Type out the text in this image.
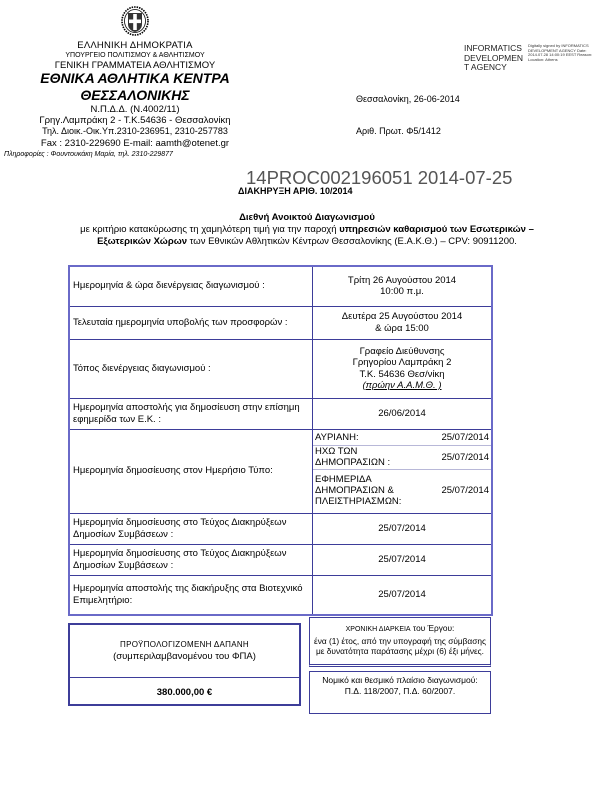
ΕΛΛΗΝΙΚΗ ΔΗΜΟΚΡΑΤΙΑ
ΥΠΟΥΡΓΕΙΟ ΠΟΛΙΤΙΣΜΟΥ & ΑΘΛΗΤΙΣΜΟΥ
ΓΕΝΙΚΗ ΓΡΑΜΜΑΤΕΙΑ ΑΘΛΗΤΙΣΜΟΥ
ΕΘΝΙΚΑ ΑΘΛΗΤΙΚΑ ΚΕΝΤΡΑ
ΘΕΣΣΑΛΟΝΙΚΗΣ
Ν.Π.Δ.Δ. (Ν.4002/11)
Γρηγ.Λαμπράκη 2 - Τ.Κ.54636 - Θεσσαλονίκη
Τηλ. Διοικ.-Οικ.Υπ.2310-236951, 2310-257783
Fax : 2310-229690 E-mail: aamth@otenet.gr
Πληροφορίες : Φουντουκάκη Μαρία, τηλ. 2310-229877
INFORMATICS DEVELOPMEN T AGENCY
Digitally signed by INFORMATICS DEVELOPMENT AGENCY Date: 2014.07.28 14:00:19 EEST Reason: Location: Athens
Θεσσαλονίκη, 26-06-2014
Αριθ. Πρωτ. Φ5/1412
14PROC002196051 2014-07-25
ΔΙΑΚΗΡΥΞΗ ΑΡΙΘ. 10/2014
Διεθνή Ανοικτού Διαγωνισμού
με κριτήριο κατακύρωσης τη χαμηλότερη τιμή για την παροχή υπηρεσιών καθαρισμού των Εσωτερικών – Εξωτερικών Χώρων των Εθνικών Αθλητικών Κέντρων Θεσσαλονίκης (Ε.Α.Κ.Θ.) – CPV: 90911200.
Ημερομηνία & ώρα διενέργειας διαγωνισμού :	Τρίτη 26 Αυγούστου 2014
10:00 π.μ.

Τελευταία ημερομηνία υποβολής των προσφορών :	Δευτέρα 25 Αυγούστου 2014
& ώρα 15:00

Τόπος διενέργειας διαγωνισμού :	
Γραφείο Διεύθυνσης
Γρηγορίου Λαμπράκη 2
Τ.Κ. 54636 Θεσ/νίκη
(πρώην Α.Α.Μ.Θ. )

Ημερομηνία αποστολής για δημοσίευση στην επίσημη εφημερίδα των Ε.Κ. :	26/06/2014
Ημερομηνία δημοσίευσης στον Ημερήσιο Τύπο:	
ΑΥΡΙΑΝΗ:	25/07/2014
ΗΧΩ ΤΩΝ ΔΗΜΟΠΡΑΣΙΩΝ :	25/07/2014
ΕΦΗΜΕΡΙΔΑ ΔΗΜΟΠΡΑΣΙΩΝ & ΠΛΕΙΣΤΗΡΙΑΣΜΩΝ:	25/07/2014

Ημερομηνία δημοσίευσης στο Τεύχος Διακηρύξεων Δημοσίων Συμβάσεων :	25/07/2014
Ημερομηνία δημοσίευσης στο Τεύχος Διακηρύξεων Δημοσίων Συμβάσεων :	25/07/2014
Ημερομηνία αποστολής της διακήρυξης στα Βιοτεχνικό Επιμελητήριο:	25/07/2014
ΠΡΟΫΠΟΛΟΓΙΖΟΜΕΝΗ ΔΑΠΑΝΗ
(συμπεριλαμβανομένου του ΦΠΑ)
380.000,00 €
ΧΡΟΝΙΚΗ ΔΙΑΡΚΕΙΑ του Έργου:
ένα (1) έτος, από την υπογραφή της σύμβασης με δυνατότητα παράτασης μέχρι (6) έξι μήνες.
Νομικό και θεσμικό πλαίσιο διαγωνισμού:
Π.Δ. 118/2007, Π.Δ. 60/2007.
